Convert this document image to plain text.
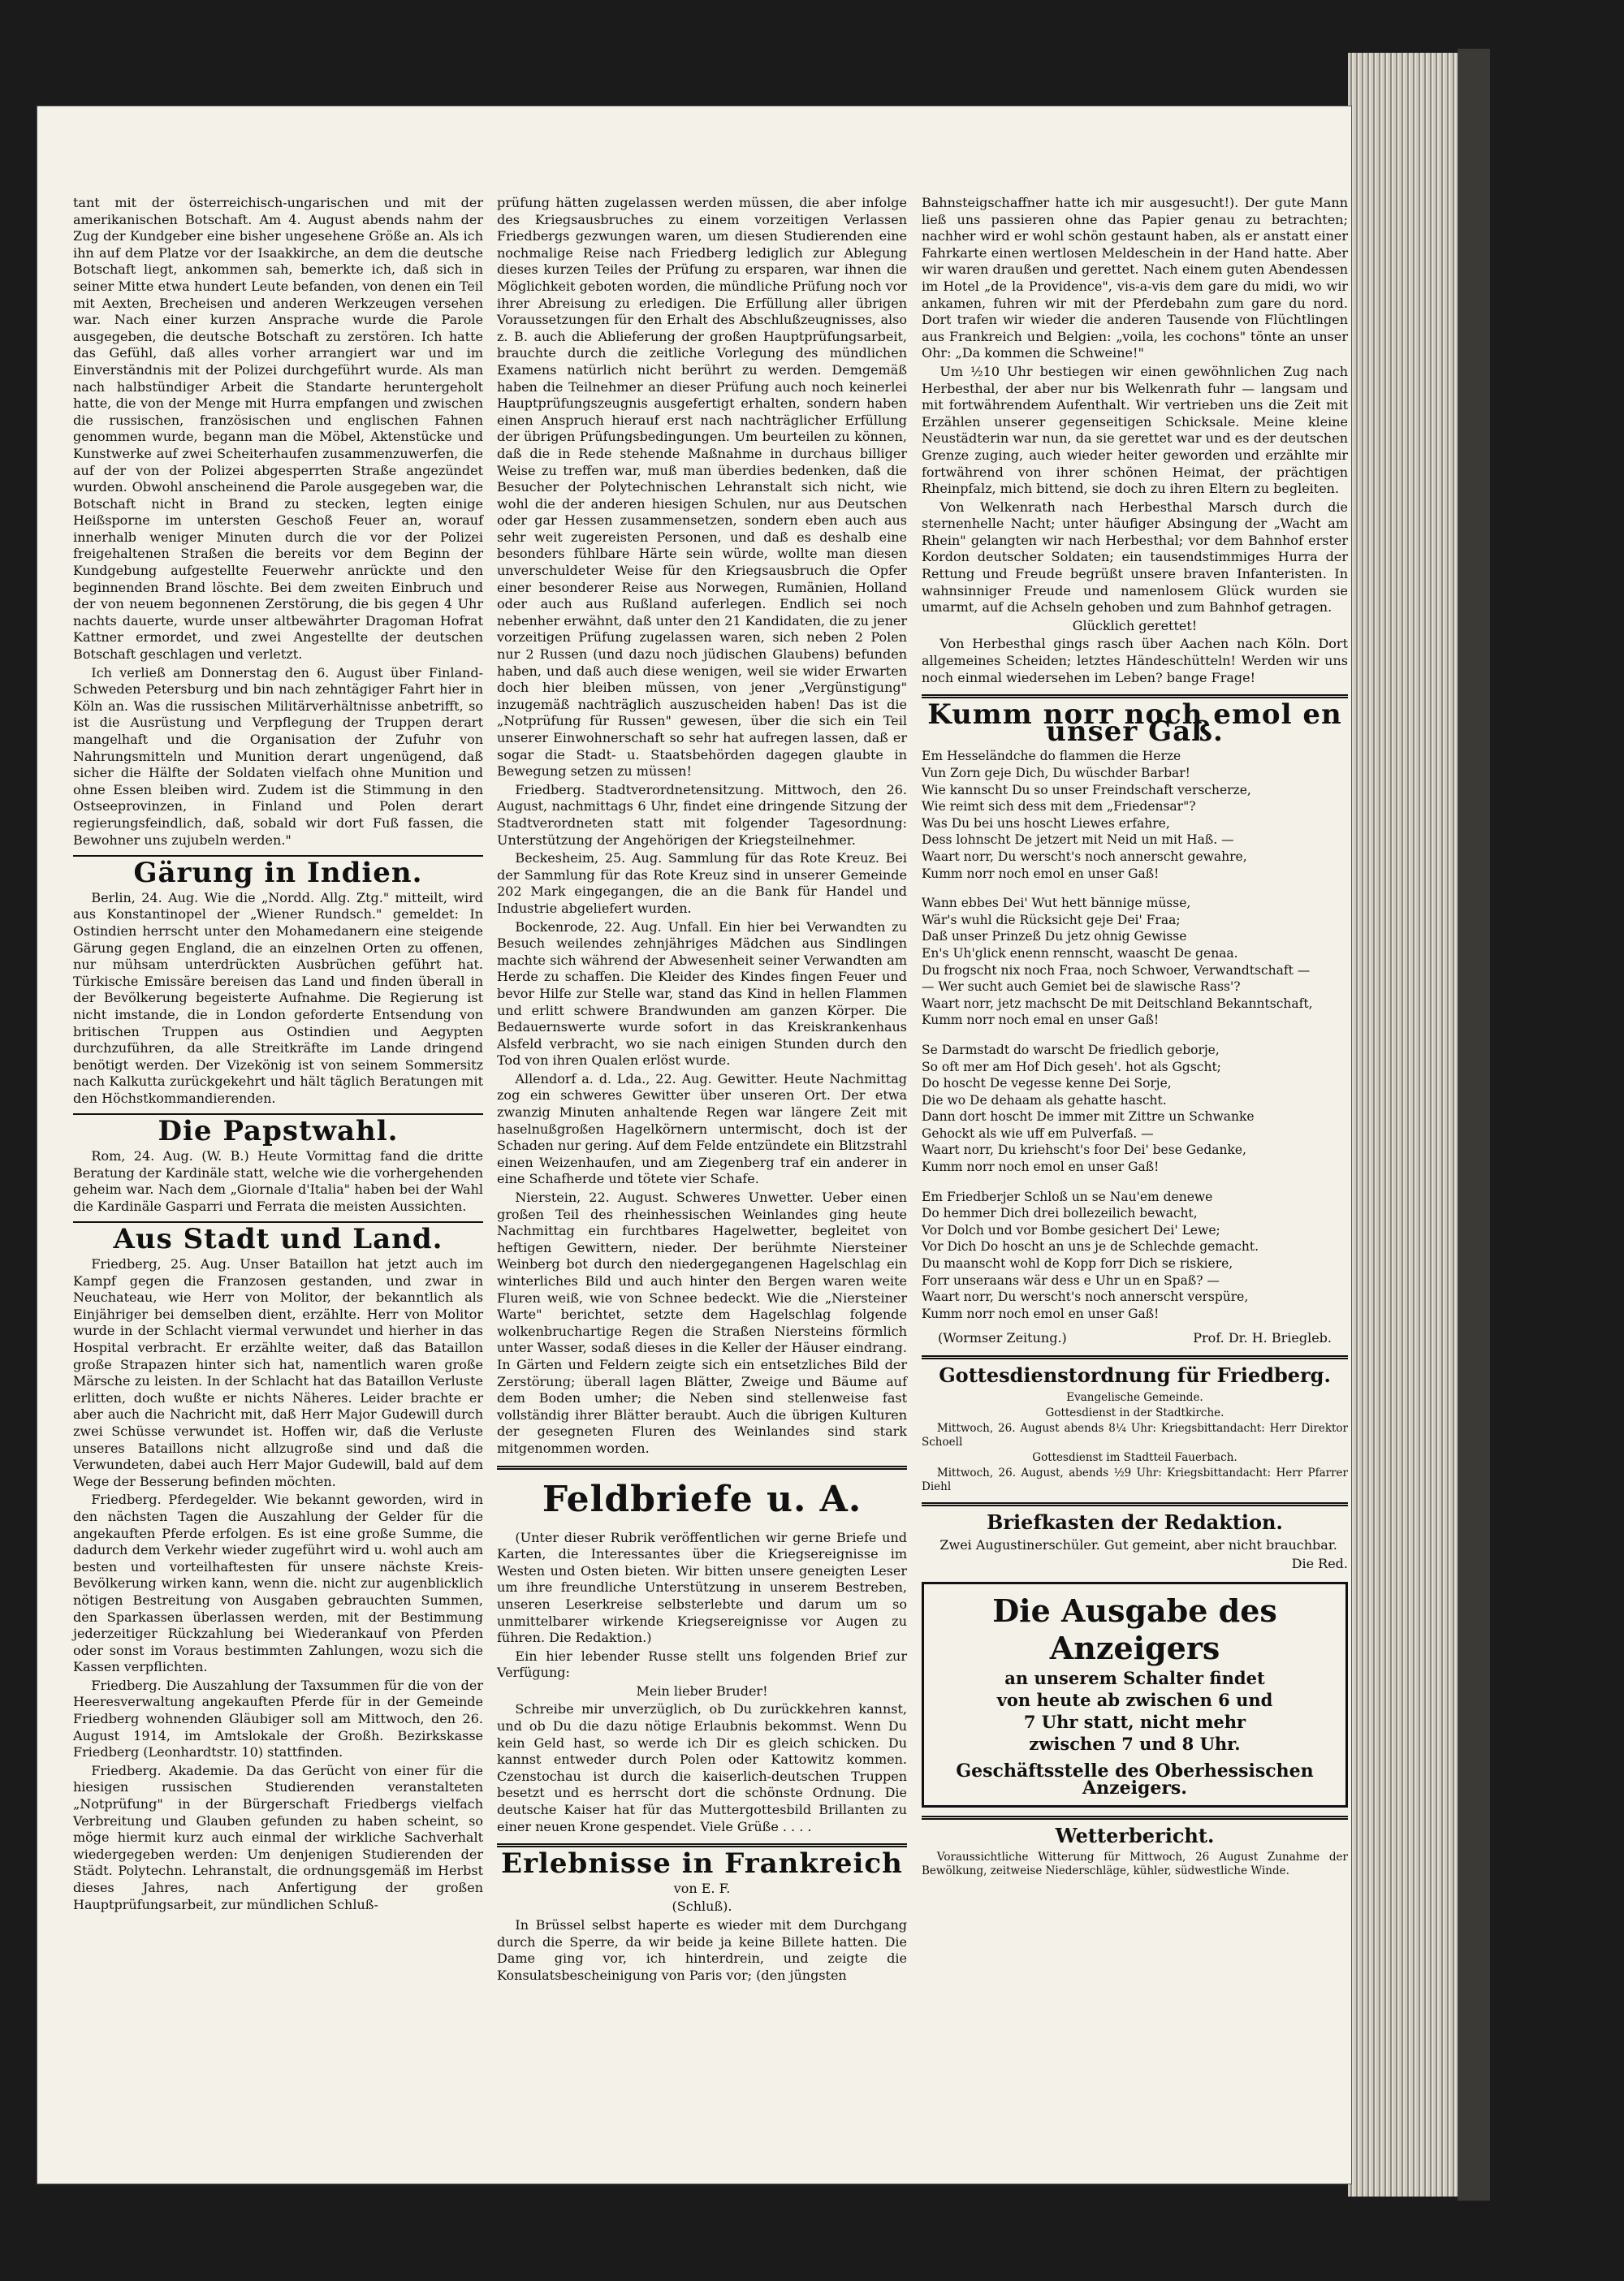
tant mit der österreichisch-ungarischen und mit der amerikanischen Botschaft. Am 4. August abends nahm der Zug der Kundgeber eine bisher ungesehene Größe an. Als ich ihn auf dem Platze vor der Isaakkirche, an dem die deutsche Botschaft liegt, ankommen sah, bemerkte ich, daß sich in seiner Mitte etwa hundert Leute befanden, von denen ein Teil mit Aexten, Brecheisen und anderen Werkzeugen versehen war. Nach einer kurzen Ansprache wurde die Parole ausgegeben, die deutsche Botschaft zu zerstören. Ich hatte das Gefühl, daß alles vorher arrangiert war und im Einverständnis mit der Polizei durchgeführt wurde. Als man nach halbstündiger Arbeit die Standarte heruntergeholt hatte, die von der Menge mit Hurra empfangen und zwischen die russischen, französischen und englischen Fahnen genommen wurde, begann man die Möbel, Aktenstücke und Kunstwerke auf zwei Scheiterhaufen zusammenzuwerfen, die auf der von der Polizei abgesperrten Straße angezündet wurden. Obwohl anscheinend die Parole ausgegeben war, die Botschaft nicht in Brand zu stecken, legten einige Heißsporne im untersten Geschoß Feuer an, worauf innerhalb weniger Minuten durch die vor der Polizei freigehaltenen Straßen die bereits vor dem Beginn der Kundgebung aufgestellte Feuerwehr anrückte und den beginnenden Brand löschte. Bei dem zweiten Einbruch und der von neuem begonnenen Zerstörung, die bis gegen 4 Uhr nachts dauerte, wurde unser altbewährter Dragoman Hofrat Kattner ermordet, und zwei Angestellte der deutschen Botschaft geschlagen und verletzt.

Ich verließ am Donnerstag den 6. August über Finland-Schweden Petersburg und bin nach zehntägiger Fahrt hier in Köln an. Was die russischen Militärverhältnisse anbetrifft, so ist die Ausrüstung und Verpflegung der Truppen derart mangelhaft und die Organisation der Zufuhr von Nahrungsmitteln und Munition derart ungenügend, daß sicher die Hälfte der Soldaten vielfach ohne Munition und ohne Essen bleiben wird. Zudem ist die Stimmung in den Ostseeprovinzen, in Finland und Polen derart regierungsfeindlich, daß, sobald wir dort Fuß fassen, die Bewohner uns zujubeln werden."

Gärung in Indien.

Berlin, 24. Aug. Wie die „Nordd. Allg. Ztg." mitteilt, wird aus Konstantinopel der „Wiener Rundsch." gemeldet: In Ostindien herrscht unter den Mohamedanern eine steigende Gärung gegen England, die an einzelnen Orten zu offenen, nur mühsam unterdrückten Ausbrüchen geführt hat. Türkische Emissäre bereisen das Land und finden überall in der Bevölkerung begeisterte Aufnahme. Die Regierung ist nicht imstande, die in London geforderte Entsendung von britischen Truppen aus Ostindien und Aegypten durchzuführen, da alle Streitkräfte im Lande dringend benötigt werden. Der Vizekönig ist von seinem Sommersitz nach Kalkutta zurückgekehrt und hält täglich Beratungen mit den Höchstkommandierenden.

Die Papstwahl.

Rom, 24. Aug. (W. B.) Heute Vormittag fand die dritte Beratung der Kardinäle statt, welche wie die vorhergehenden geheim war. Nach dem „Giornale d'Italia" haben bei der Wahl die Kardinäle Gasparri und Ferrata die meisten Aussichten.

Aus Stadt und Land.

Friedberg, 25. Aug. Unser Bataillon hat jetzt auch im Kampf gegen die Franzosen gestanden, und zwar in Neuchateau, wie Herr von Molitor, der bekanntlich als Einjähriger bei demselben dient, erzählte. Herr von Molitor wurde in der Schlacht viermal verwundet und hierher in das Hospital verbracht. Er erzählte weiter, daß das Bataillon große Strapazen hinter sich hat, namentlich waren große Märsche zu leisten. In der Schlacht hat das Bataillon Verluste erlitten, doch wußte er nichts Näheres. Leider brachte er aber auch die Nachricht mit, daß Herr Major Gudewill durch zwei Schüsse verwundet ist. Hoffen wir, daß die Verluste unseres Bataillons nicht allzugroße sind und daß die Verwundeten, dabei auch Herr Major Gudewill, bald auf dem Wege der Besserung befinden möchten.

Friedberg. Pferdegelder. Wie bekannt geworden, wird in den nächsten Tagen die Auszahlung der Gelder für die angekauften Pferde erfolgen. Es ist eine große Summe, die dadurch dem Verkehr wieder zugeführt wird u. wohl auch am besten und vorteilhaftesten für unsere nächste Kreis-Bevölkerung wirken kann, wenn die. nicht zur augenblicklich nötigen Bestreitung von Ausgaben gebrauchten Summen, den Sparkassen überlassen werden, mit der Bestimmung jederzeitiger Rückzahlung bei Wiederankauf von Pferden oder sonst im Voraus bestimmten Zahlungen, wozu sich die Kassen verpflichten.

Friedberg. Die Auszahlung der Taxsummen für die von der Heeresverwaltung angekauften Pferde für in der Gemeinde Friedberg wohnenden Gläubiger soll am Mittwoch, den 26. August 1914, im Amtslokale der Großh. Bezirkskasse Friedberg (Leonhardtstr. 10) stattfinden.

Friedberg. Akademie. Da das Gerücht von einer für die hiesigen russischen Studierenden veranstalteten „Notprüfung" in der Bürgerschaft Friedbergs vielfach Verbreitung und Glauben gefunden zu haben scheint, so möge hiermit kurz auch einmal der wirkliche Sachverhalt wiedergegeben werden: Um denjenigen Studierenden der Städt. Polytechn. Lehranstalt, die ordnungsgemäß im Herbst dieses Jahres, nach Anfertigung der großen Hauptprüfungsarbeit, zur mündlichen Schluß-

prüfung hätten zugelassen werden müssen, die aber infolge des Kriegsausbruches zu einem vorzeitigen Verlassen Friedbergs gezwungen waren, um diesen Studierenden eine nochmalige Reise nach Friedberg lediglich zur Ablegung dieses kurzen Teiles der Prüfung zu ersparen, war ihnen die Möglichkeit geboten worden, die mündliche Prüfung noch vor ihrer Abreisung zu erledigen. Die Erfüllung aller übrigen Voraussetzungen für den Erhalt des Abschlußzeugnisses, also z. B. auch die Ablieferung der großen Hauptprüfungsarbeit, brauchte durch die zeitliche Vorlegung des mündlichen Examens natürlich nicht berührt zu werden. Demgemäß haben die Teilnehmer an dieser Prüfung auch noch keinerlei Hauptprüfungszeugnis ausgefertigt erhalten, sondern haben einen Anspruch hierauf erst nach nachträglicher Erfüllung der übrigen Prüfungsbedingungen. Um beurteilen zu können, daß die in Rede stehende Maßnahme in durchaus billiger Weise zu treffen war, muß man überdies bedenken, daß die Besucher der Polytechnischen Lehranstalt sich nicht, wie wohl die der anderen hiesigen Schulen, nur aus Deutschen oder gar Hessen zusammensetzen, sondern eben auch aus sehr weit zugereisten Personen, und daß es deshalb eine besonders fühlbare Härte sein würde, wollte man diesen unverschuldeter Weise für den Kriegsausbruch die Opfer einer besonderer Reise aus Norwegen, Rumänien, Holland oder auch aus Rußland auferlegen. Endlich sei noch nebenher erwähnt, daß unter den 21 Kandidaten, die zu jener vorzeitigen Prüfung zugelassen waren, sich neben 2 Polen nur 2 Russen (und dazu noch jüdischen Glaubens) befunden haben, und daß auch diese wenigen, weil sie wider Erwarten doch hier bleiben müssen, von jener „Vergünstigung" inzugemäß nachträglich auszuscheiden haben! Das ist die „Notprüfung für Russen" gewesen, über die sich ein Teil unserer Einwohnerschaft so sehr hat aufregen lassen, daß er sogar die Stadt- u. Staatsbehörden dagegen glaubte in Bewegung setzen zu müssen!

Friedberg. Stadtverordnetensitzung. Mittwoch, den 26. August, nachmittags 6 Uhr, findet eine dringende Sitzung der Stadtverordneten statt mit folgender Tagesordnung: Unterstützung der Angehörigen der Kriegsteilnehmer.

Beckesheim, 25. Aug. Sammlung für das Rote Kreuz. Bei der Sammlung für das Rote Kreuz sind in unserer Gemeinde 202 Mark eingegangen, die an die Bank für Handel und Industrie abgeliefert wurden.

Bockenrode, 22. Aug. Unfall. Ein hier bei Verwandten zu Besuch weilendes zehnjähriges Mädchen aus Sindlingen machte sich während der Abwesenheit seiner Verwandten am Herde zu schaffen. Die Kleider des Kindes fingen Feuer und bevor Hilfe zur Stelle war, stand das Kind in hellen Flammen und erlitt schwere Brandwunden am ganzen Körper. Die Bedauernswerte wurde sofort in das Kreiskrankenhaus Alsfeld verbracht, wo sie nach einigen Stunden durch den Tod von ihren Qualen erlöst wurde.

Allendorf a. d. Lda., 22. Aug. Gewitter. Heute Nachmittag zog ein schweres Gewitter über unseren Ort. Der etwa zwanzig Minuten anhaltende Regen war längere Zeit mit haselnußgroßen Hagelkörnern untermischt, doch ist der Schaden nur gering. Auf dem Felde entzündete ein Blitzstrahl einen Weizenhaufen, und am Ziegenberg traf ein anderer in eine Schafherde und tötete vier Schafe.

Nierstein, 22. August. Schweres Unwetter. Ueber einen großen Teil des rheinhessischen Weinlandes ging heute Nachmittag ein furchtbares Hagelwetter, begleitet von heftigen Gewittern, nieder. Der berühmte Niersteiner Weinberg bot durch den niedergegangenen Hagelschlag ein winterliches Bild und auch hinter den Bergen waren weite Fluren weiß, wie von Schnee bedeckt. Wie die „Niersteiner Warte" berichtet, setzte dem Hagelschlag folgende wolkenbruchartige Regen die Straßen Niersteins förmlich unter Wasser, sodaß dieses in die Keller der Häuser eindrang. In Gärten und Feldern zeigte sich ein entsetzliches Bild der Zerstörung; überall lagen Blätter, Zweige und Bäume auf dem Boden umher; die Neben sind stellenweise fast vollständig ihrer Blätter beraubt. Auch die übrigen Kulturen der gesegneten Fluren des Weinlandes sind stark mitgenommen worden.

Feldbriefe u. A.

(Unter dieser Rubrik veröffentlichen wir gerne Briefe und Karten, die Interessantes über die Kriegsereignisse im Westen und Osten bieten. Wir bitten unsere geneigten Leser um ihre freundliche Unterstützung in unserem Bestreben, unseren Leserkreise selbsterlebte und darum um so unmittelbarer wirkende Kriegsereignisse vor Augen zu führen. Die Redaktion.)

Ein hier lebender Russe stellt uns folgenden Brief zur Verfügung:

Mein lieber Bruder!

Schreibe mir unverzüglich, ob Du zurückkehren kannst, und ob Du die dazu nötige Erlaubnis bekommst. Wenn Du kein Geld hast, so werde ich Dir es gleich schicken. Du kannst entweder durch Polen oder Kattowitz kommen. Czenstochau ist durch die kaiserlich-deutschen Truppen besetzt und es herrscht dort die schönste Ordnung. Die deutsche Kaiser hat für das Muttergottesbild Brillanten zu einer neuen Krone gespendet. Viele Grüße . . . .

Erlebnisse in Frankreich

von E. F.

(Schluß).

In Brüssel selbst haperte es wieder mit dem Durchgang durch die Sperre, da wir beide ja keine Billete hatten. Die Dame ging vor, ich hinterdrein, und zeigte die Konsulatsbescheinigung von Paris vor; (den jüngsten

Bahnsteigschaffner hatte ich mir ausgesucht!). Der gute Mann ließ uns passieren ohne das Papier genau zu betrachten; nachher wird er wohl schön gestaunt haben, als er anstatt einer Fahrkarte einen wertlosen Meldeschein in der Hand hatte. Aber wir waren draußen und gerettet. Nach einem guten Abendessen im Hotel „de la Providence", vis-a-vis dem gare du midi, wo wir ankamen, fuhren wir mit der Pferdebahn zum gare du nord. Dort trafen wir wieder die anderen Tausende von Flüchtlingen aus Frankreich und Belgien: „voila, les cochons" tönte an unser Ohr: „Da kommen die Schweine!"

Um ½10 Uhr bestiegen wir einen gewöhnlichen Zug nach Herbesthal, der aber nur bis Welkenrath fuhr — langsam und mit fortwährendem Aufenthalt. Wir vertrieben uns die Zeit mit Erzählen unserer gegenseitigen Schicksale. Meine kleine Neustädterin war nun, da sie gerettet war und es der deutschen Grenze zuging, auch wieder heiter geworden und erzählte mir fortwährend von ihrer schönen Heimat, der prächtigen Rheinpfalz, mich bittend, sie doch zu ihren Eltern zu begleiten.

Von Welkenrath nach Herbesthal Marsch durch die sternenhelle Nacht; unter häufiger Absingung der „Wacht am Rhein" gelangten wir nach Herbesthal; vor dem Bahnhof erster Kordon deutscher Soldaten; ein tausendstimmiges Hurra der Rettung und Freude begrüßt unsere braven Infanteristen. In wahnsinniger Freude und namenlosem Glück wurden sie umarmt, auf die Achseln gehoben und zum Bahnhof getragen.

Glücklich gerettet!

Von Herbesthal gings rasch über Aachen nach Köln. Dort allgemeines Scheiden; letztes Händeschütteln! Werden wir uns noch einmal wiedersehen im Leben? bange Frage!

Kumm norr noch emol en unser Gaß.

Em Hesseländche do flammen die Herze

Vun Zorn geje Dich, Du wüschder Barbar!

Wie kannscht Du so unser Freindschaft verscherze,

Wie reimt sich dess mit dem „Friedensar"?

Was Du bei uns hoscht Liewes erfahre,

Dess lohnscht De jetzert mit Neid un mit Haß. —

Waart norr, Du werscht's noch annerscht gewahre,

Kumm norr noch emol en unser Gaß!

Wann ebbes Dei' Wut hett bännige müsse,

Wär's wuhl die Rücksicht geje Dei' Fraa;

Daß unser Prinzeß Du jetz ohnig Gewisse

En's Uh'glick enenn rennscht, waascht De genaa.

Du frogscht nix noch Fraa, noch Schwoer, Verwandtschaft —

— Wer sucht auch Gemiet bei de slawische Rass'?

Waart norr, jetz machscht De mit Deitschland Bekanntschaft,

Kumm norr noch emal en unser Gaß!

Se Darmstadt do warscht De friedlich geborje,

So oft mer am Hof Dich geseh'. hot als Ggscht;

Do hoscht De vegesse kenne Dei Sorje,

Die wo De dehaam als gehatte hascht.

Dann dort hoscht De immer mit Zittre un Schwanke

Gehockt als wie uff em Pulverfaß. —

Waart norr, Du kriehscht's foor Dei' bese Gedanke,

Kumm norr noch emol en unser Gaß!

Em Friedberjer Schloß un se Nau'em denewe

Do hemmer Dich drei bollezeilich bewacht,

Vor Dolch und vor Bombe gesichert Dei' Lewe;

Vor Dich Do hoscht an uns je de Schlechde gemacht.

Du maanscht wohl de Kopp forr Dich se riskiere,

Forr unseraans wär dess e Uhr un en Spaß? —

Waart norr, Du werscht's noch annerscht verspüre,

Kumm norr noch emol en unser Gaß!

(Wormser Zeitung.)	Prof. Dr. H. Briegleb.
Gottesdienstordnung für Friedberg.

Evangelische Gemeinde.

Gottesdienst in der Stadtkirche.

Mittwoch, 26. August abends 8¼ Uhr: Kriegsbittandacht: Herr Direktor Schoell

Gottesdienst im Stadtteil Fauerbach.

Mittwoch, 26. August, abends ½9 Uhr: Kriegsbittandacht: Herr Pfarrer Diehl

Briefkasten der Redaktion.

Zwei Augustinerschüler. Gut gemeint, aber nicht brauchbar.

Die Red.

Die Ausgabe des Anzeigers
an unserem Schalter findet
von heute ab zwischen 6 und
7 Uhr statt, nicht mehr
zwischen 7 und 8 Uhr.
Geschäftsstelle des Oberhessischen Anzeigers.
Wetterbericht.

Voraussichtliche Witterung für Mittwoch, 26 August Zunahme der Bewölkung, zeitweise Niederschläge, kühler, südwestliche Winde.
